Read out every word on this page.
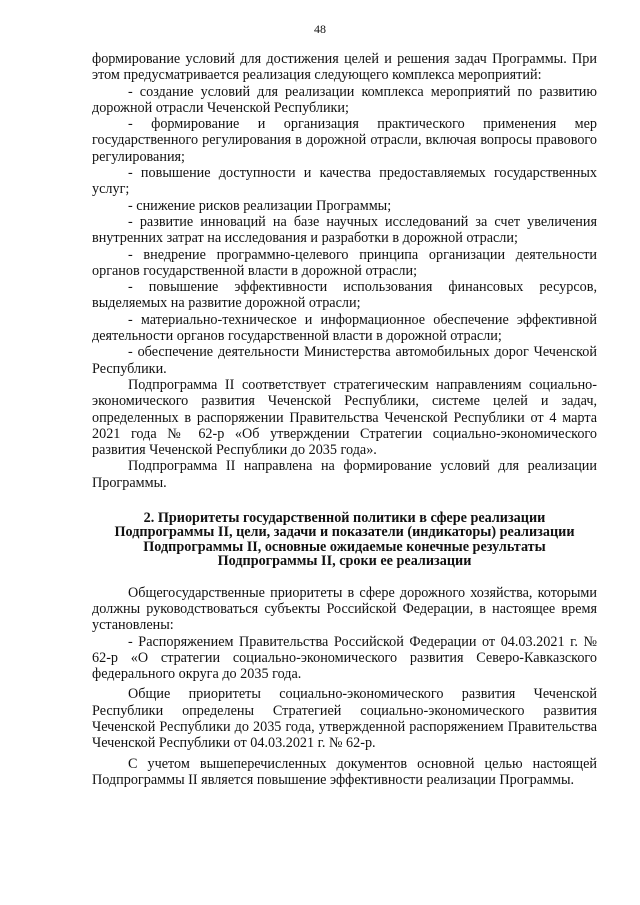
48

формирование условий для достижения целей и решения задач Программы. При этом предусматривается реализация следующего комплекса мероприятий:

- создание условий для реализации комплекса мероприятий по развитию дорожной отрасли Чеченской Республики;

- формирование и организация практического применения мер государственного регулирования в дорожной отрасли, включая вопросы правового регулирования;

- повышение доступности и качества предоставляемых государственных услуг;

- снижение рисков реализации Программы;

- развитие инноваций на базе научных исследований за счет увеличения внутренних затрат на исследования и разработки в дорожной отрасли;

- внедрение программно-целевого принципа организации деятельности органов государственной власти в дорожной отрасли;

- повышение эффективности использования финансовых ресурсов, выделяемых на развитие дорожной отрасли;

- материально-техническое и информационное обеспечение эффективной деятельности органов государственной власти в дорожной отрасли;

- обеспечение деятельности Министерства автомобильных дорог Чеченской Республики.

Подпрограмма II соответствует стратегическим направлениям социально-экономического развития Чеченской Республики, системе целей и задач, определенных в распоряжении Правительства Чеченской Республики от 4 марта 2021 года № 62-р «Об утверждении Стратегии социально-экономического развития Чеченской Республики до 2035 года».

Подпрограмма II направлена на формирование условий для реализации Программы.

2. Приоритеты государственной политики в сфере реализации
Подпрограммы II, цели, задачи и показатели (индикаторы) реализации
Подпрограммы II, основные ожидаемые конечные результаты
Подпрограммы II, сроки ее реализации

Общегосударственные приоритеты в сфере дорожного хозяйства, которыми должны руководствоваться субъекты Российской Федерации, в настоящее время установлены:

- Распоряжением Правительства Российской Федерации от 04.03.2021 г. № 62-р «О стратегии социально-экономического развития Северо-Кавказского федерального округа до 2035 года.

Общие приоритеты социально-экономического развития Чеченской Республики определены Стратегией социально-экономического развития Чеченской Республики до 2035 года, утвержденной распоряжением Правительства Чеченской Республики от 04.03.2021 г. № 62-р.

С учетом вышеперечисленных документов основной целью настоящей Подпрограммы II является повышение эффективности реализации Программы.
